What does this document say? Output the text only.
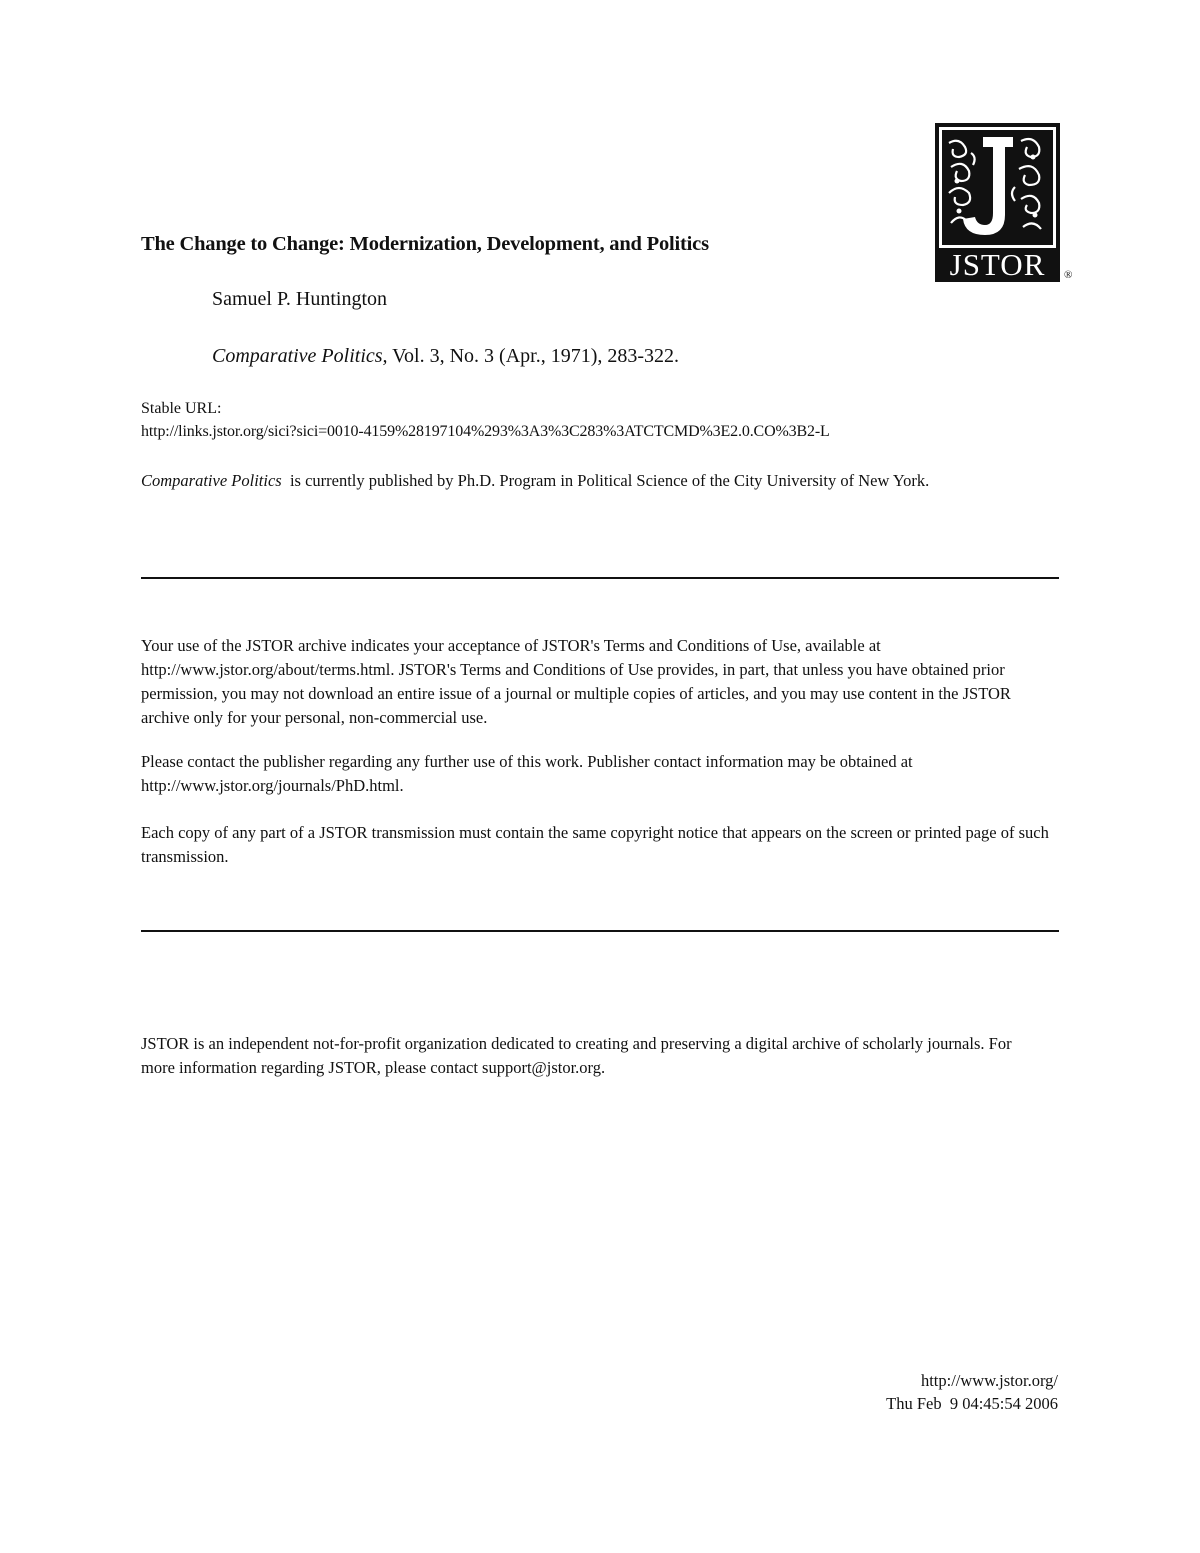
JSTOR ®
The Change to Change: Modernization, Development, and Politics
Samuel P. Huntington
Comparative Politics, Vol. 3, No. 3 (Apr., 1971), 283-322.
Stable URL:
http://links.jstor.org/sici?sici=0010-4159%28197104%293%3A3%3C283%3ATCTCMD%3E2.0.CO%3B2-L
Comparative Politics  is currently published by Ph.D. Program in Political Science of the City University of New York.
Your use of the JSTOR archive indicates your acceptance of JSTOR's Terms and Conditions of Use, available at http://www.jstor.org/about/terms.html. JSTOR's Terms and Conditions of Use provides, in part, that unless you have obtained prior permission, you may not download an entire issue of a journal or multiple copies of articles, and you may use content in the JSTOR archive only for your personal, non-commercial use.
Please contact the publisher regarding any further use of this work. Publisher contact information may be obtained at http://www.jstor.org/journals/PhD.html.
Each copy of any part of a JSTOR transmission must contain the same copyright notice that appears on the screen or printed page of such transmission.
JSTOR is an independent not-for-profit organization dedicated to creating and preserving a digital archive of scholarly journals. For more information regarding JSTOR, please contact support@jstor.org.
http://www.jstor.org/
Thu Feb  9 04:45:54 2006
